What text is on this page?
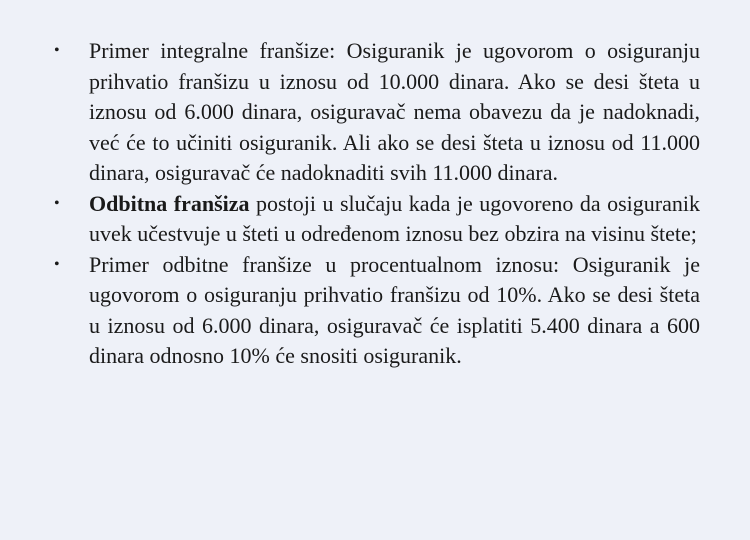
•	Primer integralne franšize: Osiguranik je ugovorom o osiguranju prihvatio franšizu u iznosu od 10.000 dinara. Ako se desi šteta u iznosu od 6.000 dinara, osiguravač nema obavezu da je nadoknadi, već će to učiniti osiguranik. Ali ako se desi šteta u iznosu od 11.000 dinara, osiguravač će nadoknaditi svih 11.000 dinara.
•	Odbitna franšiza postoji u slučaju kada je ugovoreno da osiguranik uvek učestvuje u šteti u određenom iznosu bez obzira na visinu štete;
•	Primer odbitne franšize u procentualnom iznosu: Osiguranik je ugovorom o osiguranju prihvatio franšizu od 10%. Ako se desi šteta u iznosu od 6.000 dinara, osiguravač će isplatiti 5.400 dinara a 600 dinara odnosno 10% će snositi osiguranik.
